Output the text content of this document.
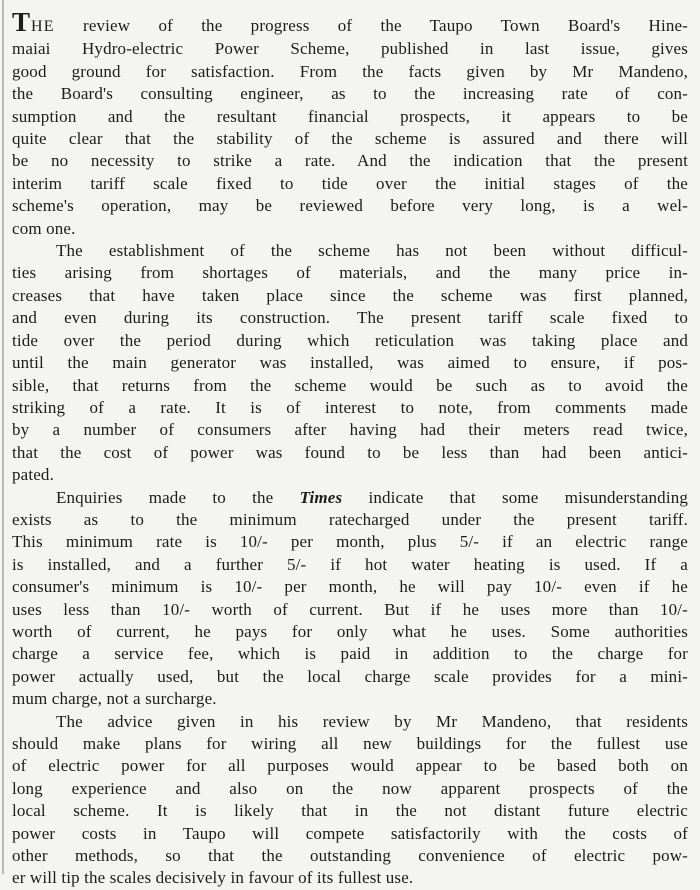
THE review of the progress of the Taupo Town Board's Hine-
maiai Hydro-electric Power Scheme, published in last issue, gives
good ground for satisfaction. From the facts given by Mr Mandeno,
the Board's consulting engineer, as to the increasing rate of con-
sumption and the resultant financial prospects, it appears to be
quite clear that the stability of the scheme is assured and there will
be no necessity to strike a rate. And the indication that the present
interim tariff scale fixed to tide over the initial stages of the
scheme's operation, may be reviewed before very long, is a wel-
com one.

The establishment of the scheme has not been without difficul-
ties arising from shortages of materials, and the many price in-
creases that have taken place since the scheme was first planned,
and even during its construction. The present tariff scale fixed to
tide over the period during which reticulation was taking place and
until the main generator was installed, was aimed to ensure, if pos-
sible, that returns from the scheme would be such as to avoid the
striking of a rate. It is of interest to note, from comments made
by a number of consumers after having had their meters read twice,
that the cost of power was found to be less than had been antici-
pated.

Enquiries made to the Times indicate that some misunderstanding
exists as to the minimum ratecharged under the present tariff.
This minimum rate is 10/- per month, plus 5/- if an electric range
is installed, and a further 5/- if hot water heating is used. If a
consumer's minimum is 10/- per month, he will pay 10/- even if he
uses less than 10/- worth of current. But if he uses more than 10/-
worth of current, he pays for only what he uses. Some authorities
charge a service fee, which is paid in addition to the charge for
power actually used, but the local charge scale provides for a mini-
mum charge, not a surcharge.

The advice given in his review by Mr Mandeno, that residents
should make plans for wiring all new buildings for the fullest use
of electric power for all purposes would appear to be based both on
long experience and also on the now apparent prospects of the
local scheme. It is likely that in the not distant future electric
power costs in Taupo will compete satisfactorily with the costs of
other methods, so that the outstanding convenience of electric pow-
er will tip the scales decisively in favour of its fullest use.
